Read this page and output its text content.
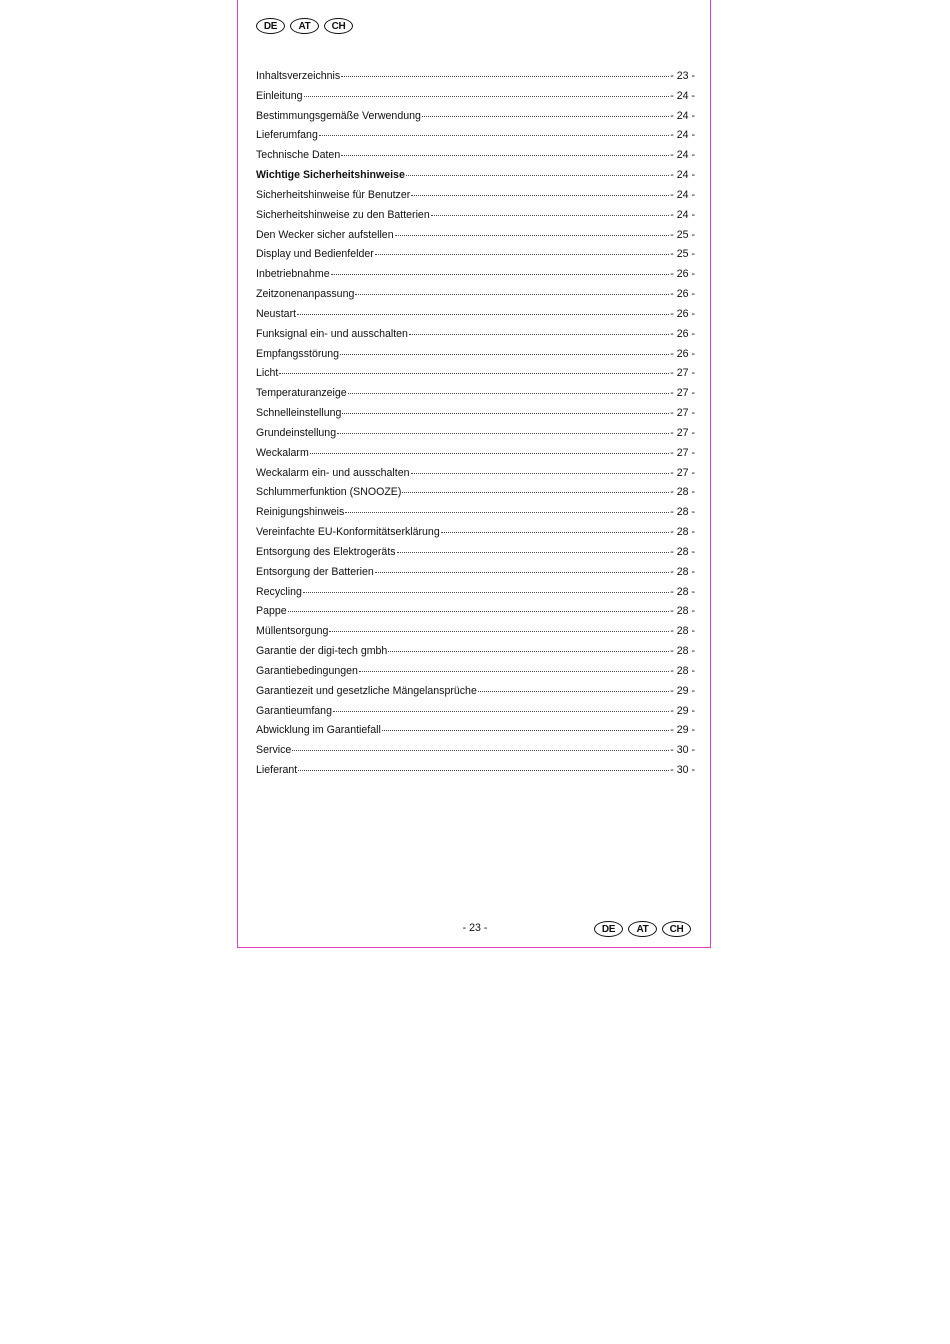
DE	AT	CH
Inhaltsverzeichnis	- 23 -
Einleitung	- 24 -
Bestimmungsgemäße Verwendung	- 24 -
Lieferumfang	- 24 -
Technische Daten	- 24 -
Wichtige Sicherheitshinweise	- 24 -
Sicherheitshinweise für Benutzer	- 24 -
Sicherheitshinweise zu den Batterien	- 24 -
Den Wecker sicher aufstellen	- 25 -
Display und Bedienfelder	- 25 -
Inbetriebnahme	- 26 -
Zeitzonenanpassung	- 26 -
Neustart	- 26 -
Funksignal ein- und ausschalten	- 26 -
Empfangsstörung	- 26 -
Licht	- 27 -
Temperaturanzeige	- 27 -
Schnelleinstellung	- 27 -
Grundeinstellung	- 27 -
Weckalarm	- 27 -
Weckalarm ein- und ausschalten	- 27 -
Schlummerfunktion (SNOOZE)	- 28 -
Reinigungshinweis	- 28 -
Vereinfachte EU-Konformitätserklärung	- 28 -
Entsorgung des Elektrogeräts	- 28 -
Entsorgung der Batterien	- 28 -
Recycling	- 28 -
Pappe	- 28 -
Müllentsorgung	- 28 -
Garantie der digi-tech gmbh	- 28 -
Garantiebedingungen	- 28 -
Garantiezeit und gesetzliche Mängelansprüche	- 29 -
Garantieumfang	- 29 -
Abwicklung im Garantiefall	- 29 -
Service	- 30 -
Lieferant	- 30 -
- 23 -	DE	AT	CH
